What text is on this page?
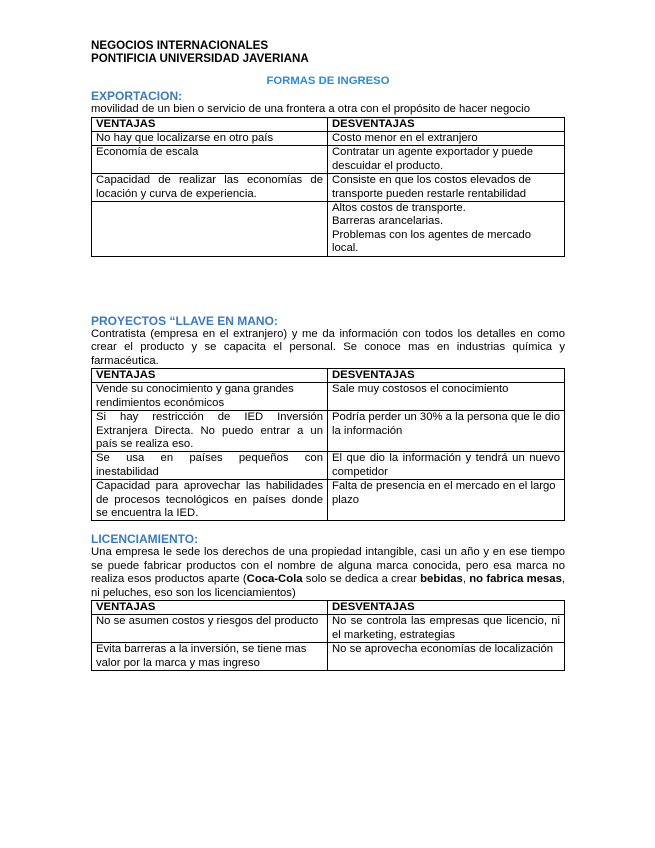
NEGOCIOS INTERNACIONALES
PONTIFICIA UNIVERSIDAD JAVERIANA
FORMAS DE INGRESO
EXPORTACION:
movilidad de un bien o servicio de una frontera a otra con el propósito de hacer negocio
VENTAJAS	DESVENTAJAS
No hay que localizarse en otro país	Costo menor en el extranjero
Economía de escala	Contratar un agente exportador y puede descuidar el producto.
Capacidad de realizar las economías de locación y curva de experiencia.	Consiste en que los costos elevados de transporte pueden restarle rentabilidad

	Altos costos de transporte.
Barreras arancelarias.
Problemas con los agentes de mercado local.
PROYECTOS “LLAVE EN MANO:
Contratista (empresa en el extranjero) y me da información con todos los detalles en como crear el producto y se capacita el personal. Se conoce mas en industrias química y farmacéutica.
VENTAJAS	DESVENTAJAS
Vende su conocimiento y gana grandes rendimientos económicos	Sale muy costosos el conocimiento
Si hay restricción de IED Inversión Extranjera Directa. No puedo entrar a un país se realiza eso.	Podría perder un 30% a la persona que le dio la información
Se usa en países pequeños con inestabilidad	El que dio la información y tendrá un nuevo competidor
Capacidad para aprovechar las habilidades de procesos tecnológicos en países donde se encuentra la IED.	Falta de presencia en el mercado en el largo plazo
LICENCIAMIENTO:
Una empresa le sede los derechos de una propiedad intangible, casi un año y en ese tiempo se puede fabricar productos con el nombre de alguna marca conocida, pero esa marca no realiza esos productos aparte (Coca-Cola solo se dedica a crear bebidas, no fabrica mesas, ni peluches, eso son los licenciamientos)
VENTAJAS	DESVENTAJAS
No se asumen costos y riesgos del producto	No se controla las empresas que licencio, ni el marketing, estrategias
Evita barreras a la inversión, se tiene mas valor por la marca y mas ingreso	No se aprovecha economías de localización
